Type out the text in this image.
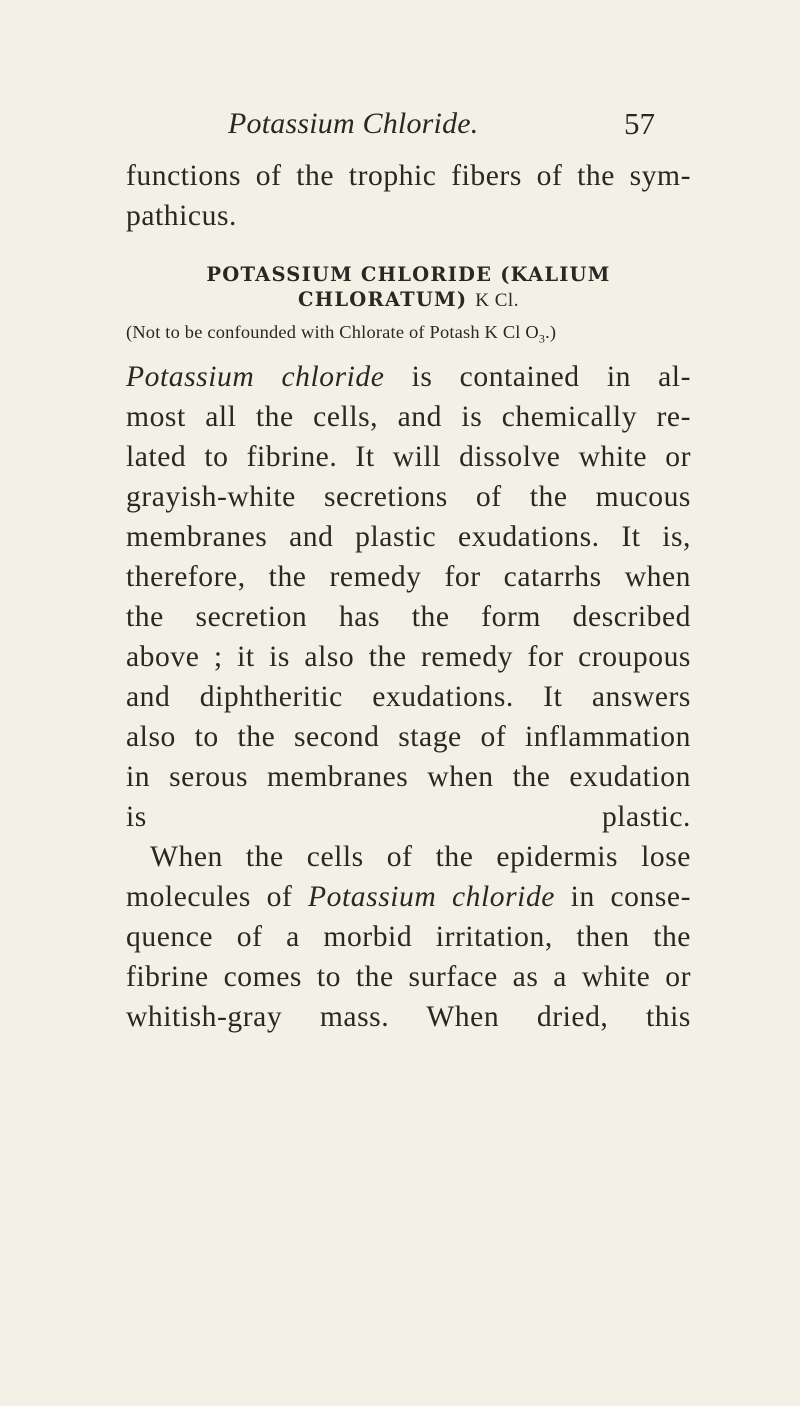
Potassium Chloride.	57

functions of the trophic fibers of the sym-
pathicus.

POTASSIUM CHLORIDE (KALIUM
CHLORATUM) K Cl.
(Not to be confounded with Chlorate of Potash K Cl $O_3$.)

Potassium chloride is contained in al-
most all the cells, and is chemically re-
lated to fibrine. It will dissolve white or
grayish-white secretions of the mucous
membranes and plastic exudations. It is,
therefore, the remedy for catarrhs when
the secretion has the form described
above ; it is also the remedy for croupous
and diphtheritic exudations. It answers
also to the second stage of inflammation
in serous membranes when the exudation
is plastic.

When the cells of the epidermis lose
molecules of Potassium chloride in conse-
quence of a morbid irritation, then the
fibrine comes to the surface as a white or
whitish-gray mass. When dried, this
